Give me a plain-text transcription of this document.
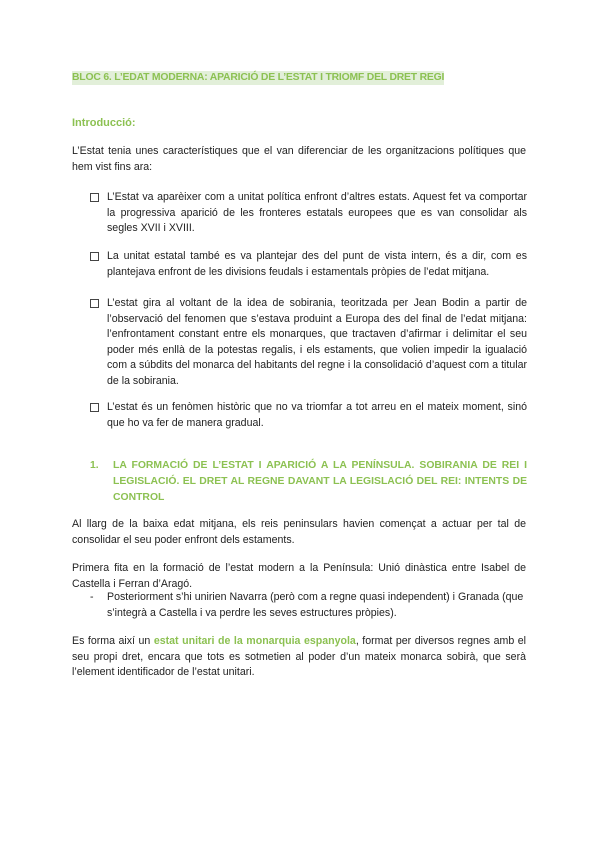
BLOC 6. L’EDAT MODERNA: APARICIÓ DE L’ESTAT I TRIOMF DEL DRET REGI
Introducció:
L’Estat tenia unes característiques que el van diferenciar de les organitzacions polítiques que hem vist fins ara:
L’Estat va aparèixer com a unitat política enfront d’altres estats. Aquest fet va comportar la progressiva aparició de les fronteres estatals europees que es van consolidar als segles XVII i XVIII.
La unitat estatal també es va plantejar des del punt de vista intern, és a dir, com es plantejava enfront de les divisions feudals i estamentals pròpies de l’edat mitjana.
L’estat gira al voltant de la idea de sobirania, teoritzada per Jean Bodin a partir de l’observació del fenomen que s’estava produint a Europa des del final de l’edat mitjana: l’enfrontament constant entre els monarques, que tractaven d’afirmar i delimitar el seu poder més enllà de la potestas regalis, i els estaments, que volien impedir la igualació com a súbdits del monarca del habitants del regne i la consolidació d’aquest com a titular de la sobirania.
L’estat és un fenòmen històric que no va triomfar a tot arreu en el mateix moment, sinó que ho va fer de manera gradual.
1. LA FORMACIÓ DE L’ESTAT I APARICIÓ A LA PENÍNSULA. SOBIRANIA DE REI I LEGISLACIÓ. EL DRET AL REGNE DAVANT LA LEGISLACIÓ DEL REI: INTENTS DE CONTROL
Al llarg de la baixa edat mitjana, els reis peninsulars havien començat a actuar per tal de consolidar el seu poder enfront dels estaments.
Primera fita en la formació de l’estat modern a la Península: Unió dinàstica entre Isabel de Castella i Ferran d’Aragó.
- Posteriorment s’hi unirien Navarra (però com a regne quasi independent) i Granada (que s’integrà a Castella i va perdre les seves estructures pròpies).
Es forma així un estat unitari de la monarquia espanyola, format per diversos regnes amb el seu propi dret, encara que tots es sotmetien al poder d’un mateix monarca sobirà, que serà l’element identificador de l’estat unitari.
